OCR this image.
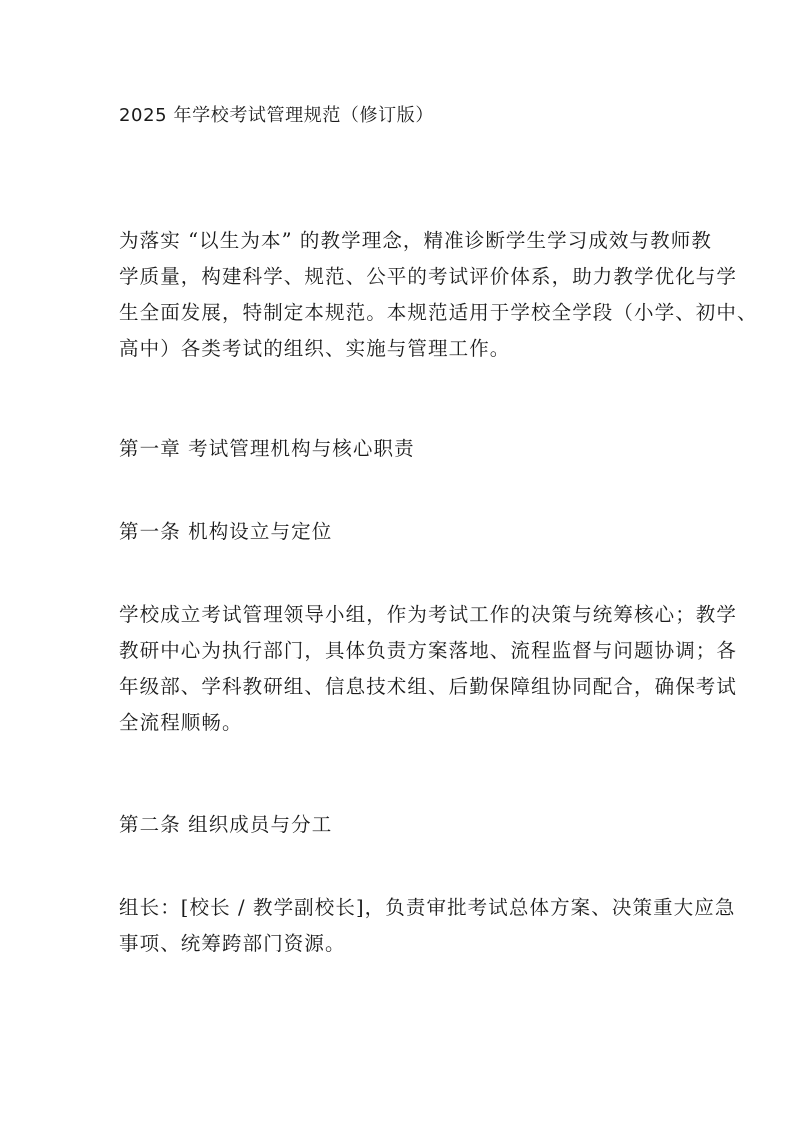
2025 年学校考试管理规范（修订版）
为落实 “以生为本” 的教学理念，精准诊断学生学习成效与教师教
学质量，构建科学、规范、公平的考试评价体系，助力教学优化与学
生全面发展，特制定本规范。本规范适用于学校全学段（小学、初中、
高中）各类考试的组织、实施与管理工作。
第一章 考试管理机构与核心职责
第一条 机构设立与定位
学校成立考试管理领导小组，作为考试工作的决策与统筹核心；教学
教研中心为执行部门，具体负责方案落地、流程监督与问题协调；各
年级部、学科教研组、信息技术组、后勤保障组协同配合，确保考试
全流程顺畅。
第二条 组织成员与分工
组长：[校长 / 教学副校长]，负责审批考试总体方案、决策重大应急
事项、统筹跨部门资源。
